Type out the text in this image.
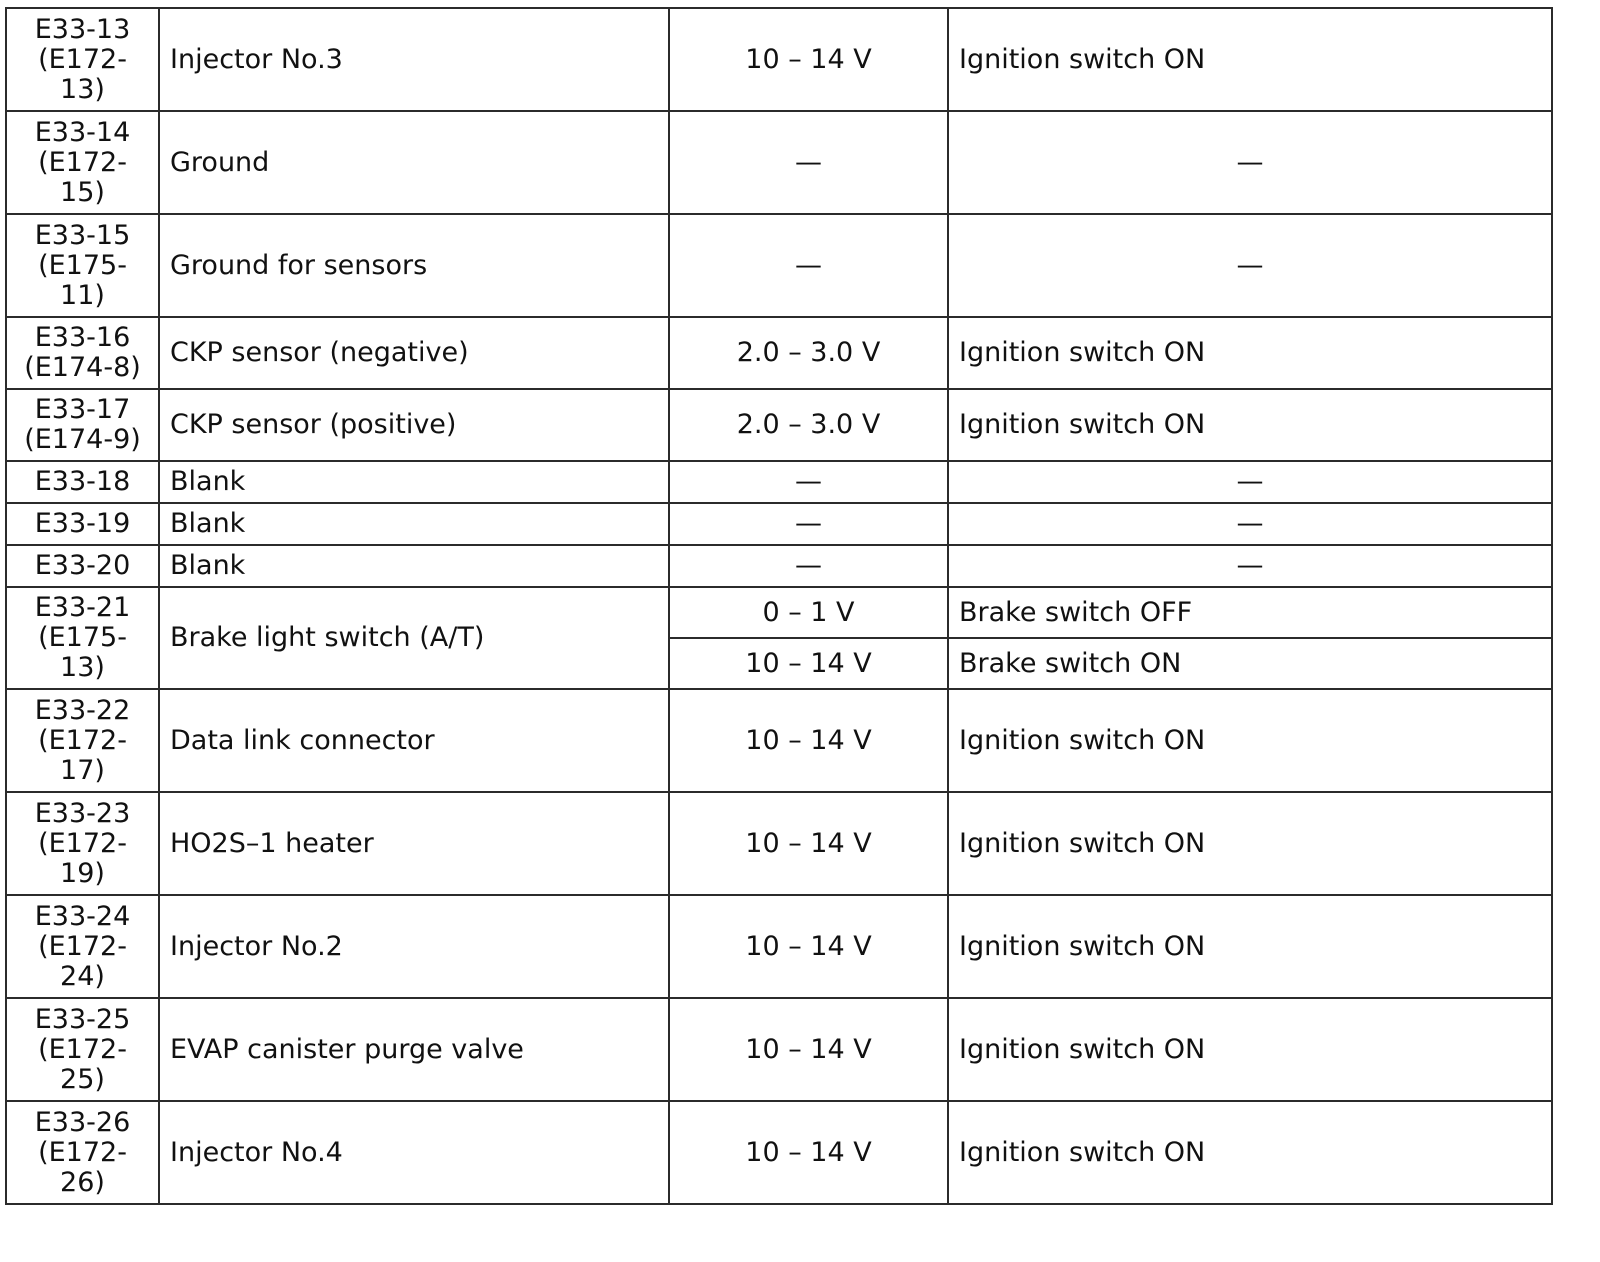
E33-13
(E172-
13)	Injector No.3	10 – 14 V	Ignition switch ON
E33-14
(E172-
15)	Ground	—	—
E33-15
(E175-
11)	Ground for sensors	—	—
E33-16
(E174-8)	CKP sensor (negative)	2.0 – 3.0 V	Ignition switch ON
E33-17
(E174-9)	CKP sensor (positive)	2.0 – 3.0 V	Ignition switch ON
E33-18	Blank	—	—
E33-19	Blank	—	—
E33-20	Blank	—	—
E33-21
(E175-
13)	Brake light switch (A/T)	0 – 1 V	Brake switch OFF
		10 – 14 V	Brake switch ON
E33-22
(E172-
17)	Data link connector	10 – 14 V	Ignition switch ON
E33-23
(E172-
19)	HO2S–1 heater	10 – 14 V	Ignition switch ON
E33-24
(E172-
24)	Injector No.2	10 – 14 V	Ignition switch ON
E33-25
(E172-
25)	EVAP canister purge valve	10 – 14 V	Ignition switch ON
E33-26
(E172-
26)	Injector No.4	10 – 14 V	Ignition switch ON
